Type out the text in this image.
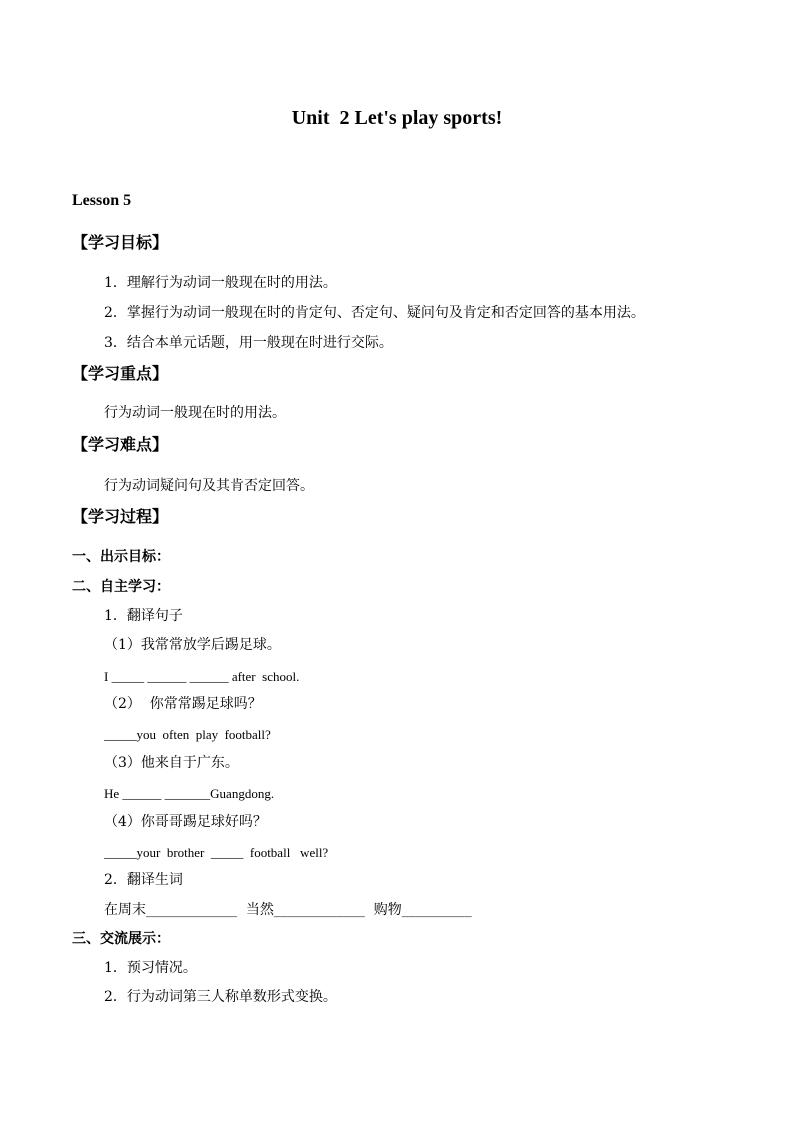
Unit  2 Let's play sports!
Lesson 5
【学习目标】
1．理解行为动词一般现在时的用法。
2．掌握行为动词一般现在时的肯定句、否定句、疑问句及肯定和否定回答的基本用法。
3．结合本单元话题，用一般现在时进行交际。
【学习重点】
行为动词一般现在时的用法。
【学习难点】
行为动词疑问句及其肯否定回答。
【学习过程】
一、出示目标：
二、自主学习：
1．翻译句子
（1）我常常放学后踢足球。
I _____ ______ ______ after  school.
（2）  你常常踢足球吗？
_____you  often  play  football?
（3）他来自于广东。
He ______ _______Guangdong.
（4）你哥哥踢足球好吗？
_____your  brother  _____  football   well?
2．翻译生词
在周末_____________  当然_____________  购物__________
三、交流展示：
1．预习情况。
2．行为动词第三人称单数形式变换。
